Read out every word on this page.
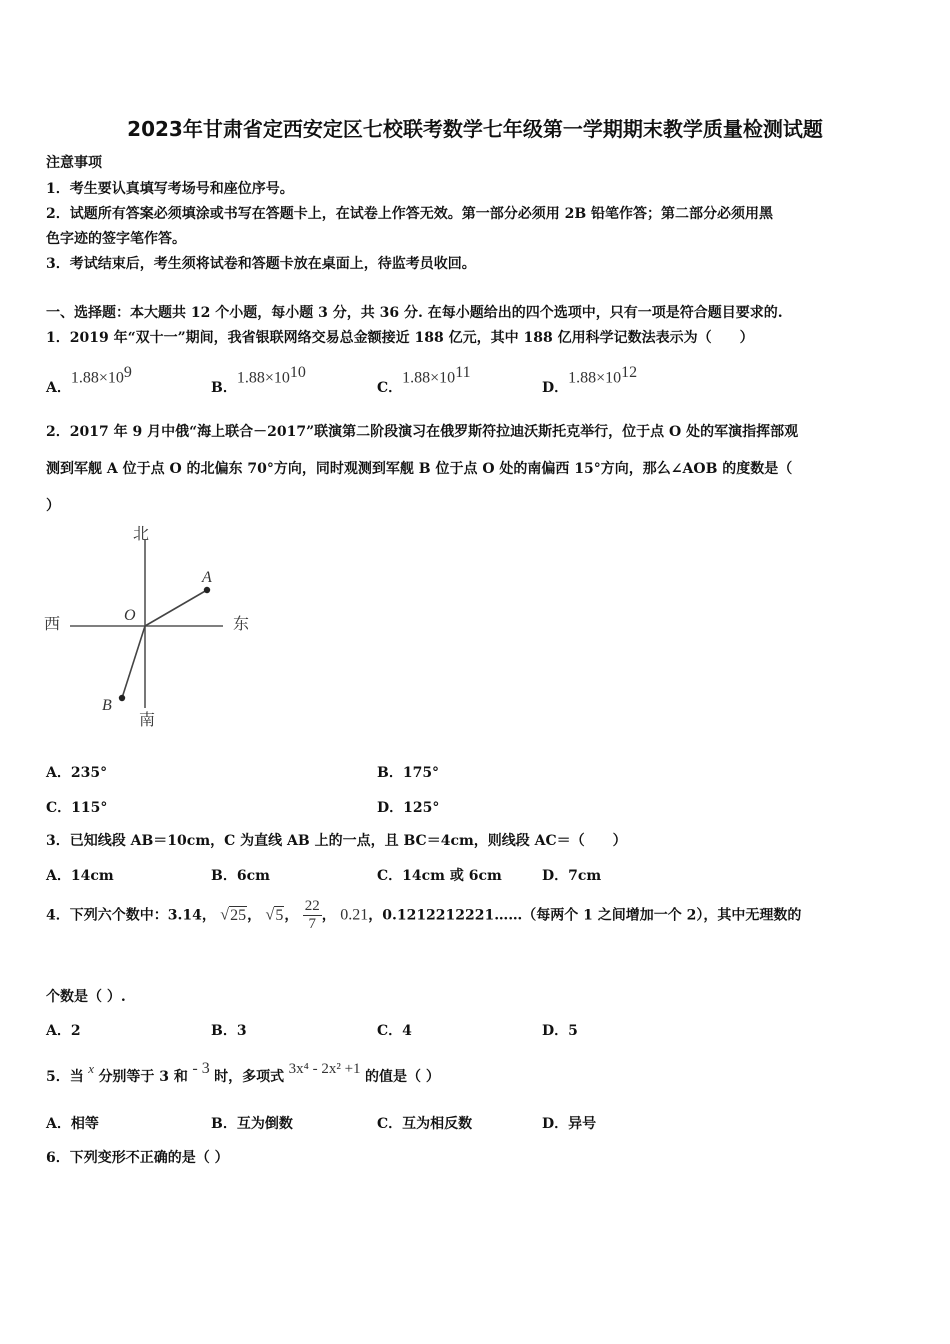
2023年甘肃省定西安定区七校联考数学七年级第一学期期末教学质量检测试题
注意事项
1．考生要认真填写考场号和座位序号。
2．试题所有答案必须填涂或书写在答题卡上，在试卷上作答无效。第一部分必须用 2B 铅笔作答；第二部分必须用黑
色字迹的签字笔作答。
3．考试结束后，考生须将试卷和答题卡放在桌面上，待监考员收回。
一、选择题：本大题共 12 个小题，每小题 3 分，共 36 分. 在每小题给出的四个选项中，只有一项是符合题目要求的.
1．2019 年“双十一”期间，我省银联网络交易总金额接近 188 亿元，其中 188 亿用科学记数法表示为（　　）
A．$1.88\times 10^9$
B．$1.88\times 10^{10}$
C．$1.88\times 10^{11}$
D．$1.88\times 10^{12}$
2．2017 年 9 月中俄“海上联合－2017”联演第二阶段演习在俄罗斯符拉迪沃斯托克举行，位于点 O 处的军演指挥部观
测到军舰 A 位于点 O 的北偏东 70°方向，同时观测到军舰 B 位于点 O 处的南偏西 15°方向，那么∠AOB 的度数是（
）
北
南
西	东
O
A
B
A．235°	B．175°
C．115°	D．125°
3．已知线段 AB＝10cm，C 为直线 AB 上的一点，且 BC＝4cm，则线段 AC＝（　　）
A．14cm	B．6cm	C．14cm 或 6cm	D．7cm
4．下列六个数中：3.14， √25， √5， $\frac{22}{7}$ ， 0.21，0.1212212221……（每两个 1 之间增加一个 2），其中无理数的
个数是（ ）.
A．2	B．3	C．4	D．5
5．当 x 分别等于 3 和 - 3 时，多项式 3x⁴ - 2x² +1 的值是（ ）
A．相等	B．互为倒数	C．互为相反数	D．异号
6．下列变形不正确的是（ ）
